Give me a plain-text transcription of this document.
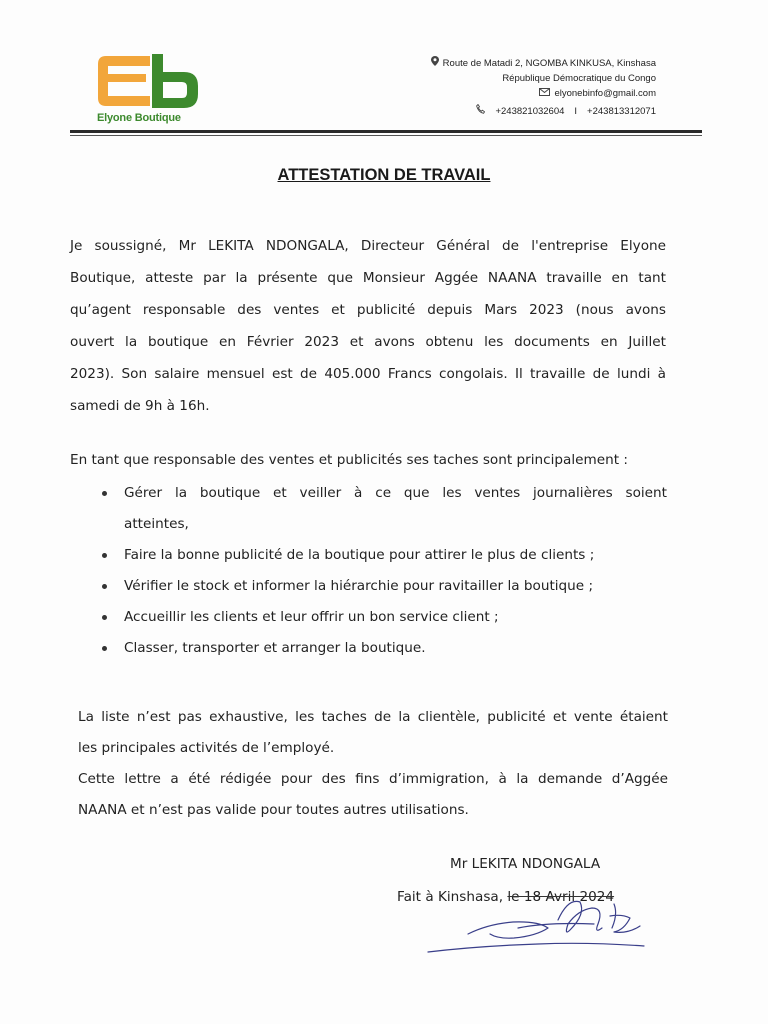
Elyone Boutique
Route de Matadi 2, NGOMBA KINKUSA, Kinshasa
République Démocratique du Congo
elyonebinfo@gmail.com
+243821032604 I +243813312071
ATTESTATION DE TRAVAIL
Je soussigné, Mr LEKITA NDONGALA, Directeur Général de l'entreprise Elyone
Boutique, atteste par la présente que Monsieur Aggée NAANA travaille en tant
qu’agent responsable des ventes et publicité depuis Mars 2023 (nous avons
ouvert la boutique en Février 2023 et avons obtenu les documents en Juillet
2023). Son salaire mensuel est de 405.000 Francs congolais. Il travaille de lundi à
samedi de 9h à 16h.
En tant que responsable des ventes et publicités ses taches sont principalement :
Gérer la boutique et veiller à ce que les ventes journalières soient
atteintes,
Faire la bonne publicité de la boutique pour attirer le plus de clients ;
Vérifier le stock et informer la hiérarchie pour ravitailler la boutique ;
Accueillir les clients et leur offrir un bon service client ;
Classer, transporter et arranger la boutique.
La liste n’est pas exhaustive, les taches de la clientèle, publicité et vente étaient
les principales activités de l’employé.
Cette lettre a été rédigée pour des fins d’immigration, à la demande d’Aggée
NAANA et n’est pas valide pour toutes autres utilisations.
Mr LEKITA NDONGALA
Fait à Kinshasa, le 18 Avril 2024
